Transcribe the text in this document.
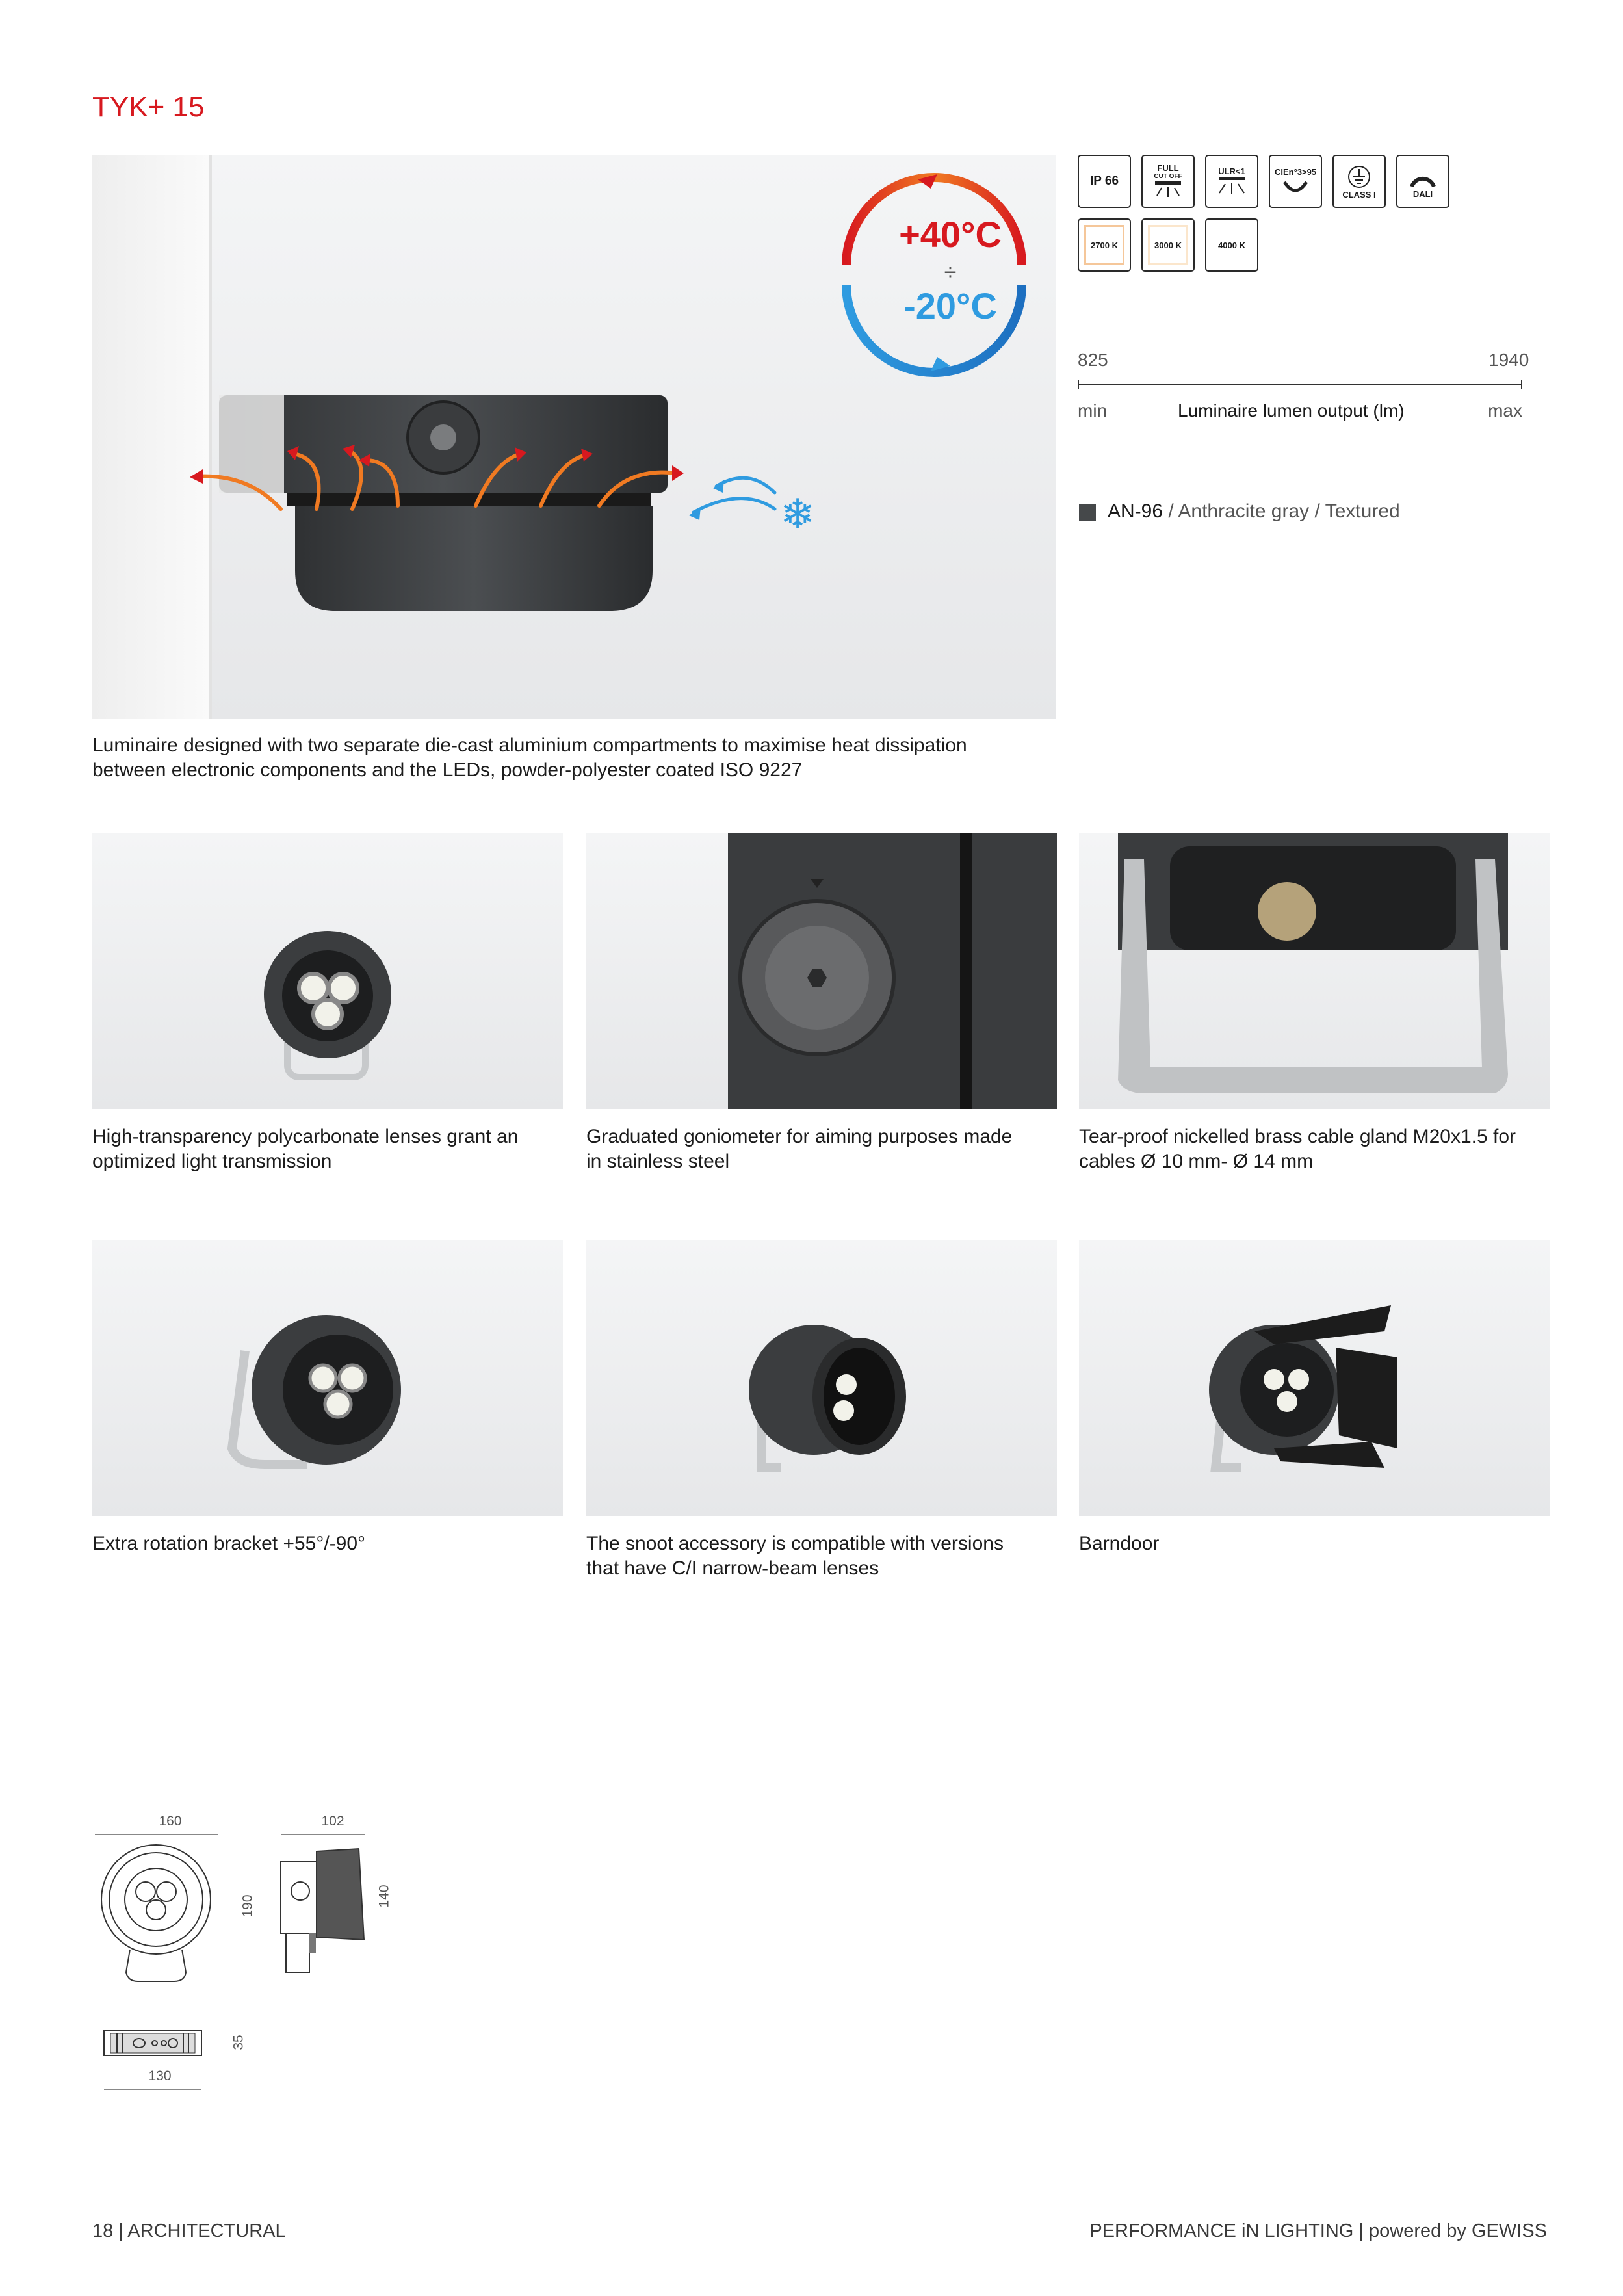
TYK+ 15
❄
+40°C
÷
-20°C
Luminaire designed with two separate die-cast aluminium compartments to maximise heat dissipation
between electronic components and the LEDs, powder-polyester coated ISO 9227
IP 66
FULL
CUT OFF
ULR<1	CIEn°3>95
CLASS I	DALI
2700 K	3000 K	4000 K
825	1940
min	Luminaire lumen output (lm)	max
AN-96 / Anthracite gray / Textured
High-transparency polycarbonate lenses grant an
optimized light transmission
Graduated goniometer for aiming purposes made
in stainless steel
Tear-proof nickelled brass cable gland M20x1.5 for
cables Ø 10 mm- Ø 14 mm
Extra rotation bracket +55°/-90°	The snoot accessory is compatible with versions
that have C/I narrow-beam lenses
Barndoor
160
190
102
140
35
130
18 | ARCHITECTURAL	PERFORMANCE iN LIGHTING | powered by GEWISS
